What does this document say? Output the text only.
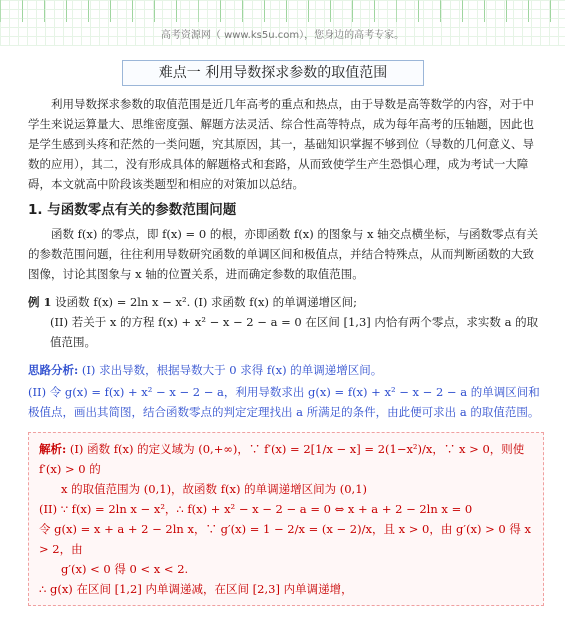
高考资源网（ www.ks5u.com），您身边的高考专家。
难点一 利用导数探求参数的取值范围

利用导数探求参数的取值范围是近几年高考的重点和热点，由于导数是高等数学的内容，对于中学生来说运算量大、思维密度强、解题方法灵活、综合性高等特点，成为每年高考的压轴题，因此也是学生感到头疼和茫然的一类问题，究其原因，其一，基础知识掌握不够到位（导数的几何意义、导数的应用），其二，没有形成具体的解题格式和套路，从而致使学生产生恐惧心理，成为考试一大障碍，本文就高中阶段该类题型和相应的对策加以总结。

1. 与函数零点有关的参数范围问题

函数 f(x) 的零点，即 f(x) = 0 的根，亦即函数 f(x) 的图象与 x 轴交点横坐标，与函数零点有关的参数范围问题，往往利用导数研究函数的单调区间和极值点，并结合特殊点，从而判断函数的大致图像，讨论其图象与 x 轴的位置关系，进而确定参数的取值范围。

例 1 设函数 f(x) = 2ln x − x². (I) 求函数 f(x) 的单调递增区间;
(II) 若关于 x 的方程 f(x) + x² − x − 2 − a = 0 在区间 [1,3] 内恰有两个零点，求实数 a 的取值范围。
思路分析: (I) 求出导数，根据导数大于 0 求得 f(x) 的单调递增区间。
(II) 令 g(x) = f(x) + x² − x − 2 − a，利用导数求出 g(x) = f(x) + x² − x − 2 − a 的单调区间和极值点，画出其简图，结合函数零点的判定定理找出 a 所满足的条件，由此便可求出 a 的取值范围。
解析: (I) 函数 f(x) 的定义域为 (0,+∞)，∵ f′(x) = 2[1/x − x] = 2(1−x²)/x，∵ x > 0，则使 f′(x) > 0 的
x 的取值范围为 (0,1)，故函数 f(x) 的单调递增区间为 (0,1)
(II) ∵ f(x) = 2ln x − x²，∴ f(x) + x² − x − 2 − a = 0 ⇔ x + a + 2 − 2ln x = 0
令 g(x) = x + a + 2 − 2ln x，∵ g′(x) = 1 − 2/x = (x − 2)/x，且 x > 0，由 g′(x) > 0 得 x > 2，由
g′(x) < 0 得 0 < x < 2.
∴ g(x) 在区间 [1,2] 内单调递减，在区间 [2,3] 内单调递增，
